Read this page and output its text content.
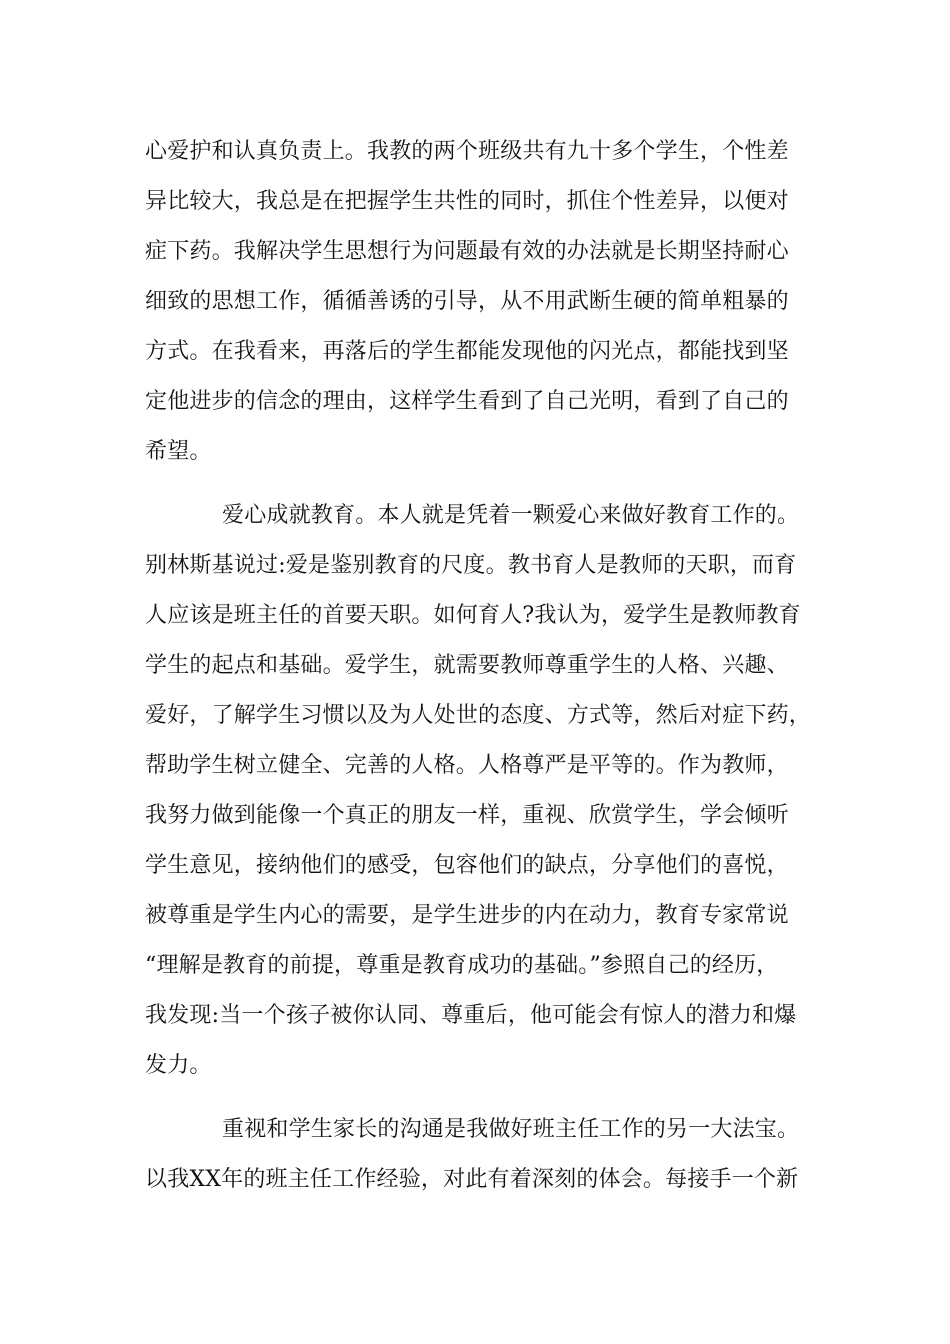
心爱护和认真负责上。我教的两个班级共有九十多个学生，个性差
异比较大，我总是在把握学生共性的同时，抓住个性差异，以便对
症下药。我解决学生思想行为问题最有效的办法就是长期坚持耐心
细致的思想工作，循循善诱的引导，从不用武断生硬的简单粗暴的
方式。在我看来，再落后的学生都能发现他的闪光点，都能找到坚
定他进步的信念的理由，这样学生看到了自己光明，看到了自己的
希望。
爱心成就教育。本人就是凭着一颗爱心来做好教育工作的。
别林斯基说过:爱是鉴别教育的尺度。教书育人是教师的天职，而育
人应该是班主任的首要天职。如何育人?我认为，爱学生是教师教育
学生的起点和基础。爱学生，就需要教师尊重学生的人格、兴趣、
爱好，了解学生习惯以及为人处世的态度、方式等，然后对症下药，
帮助学生树立健全、完善的人格。人格尊严是平等的。作为教师，
我努力做到能像一个真正的朋友一样，重视、欣赏学生，学会倾听
学生意见，接纳他们的感受，包容他们的缺点，分享他们的喜悦，
被尊重是学生内心的需要，是学生进步的内在动力，教育专家常说
“理解是教育的前提，尊重是教育成功的基础。”参照自己的经历，
我发现:当一个孩子被你认同、尊重后，他可能会有惊人的潜力和爆
发力。
重视和学生家长的沟通是我做好班主任工作的另一大法宝。
以我XX年的班主任工作经验，对此有着深刻的体会。每接手一个新
